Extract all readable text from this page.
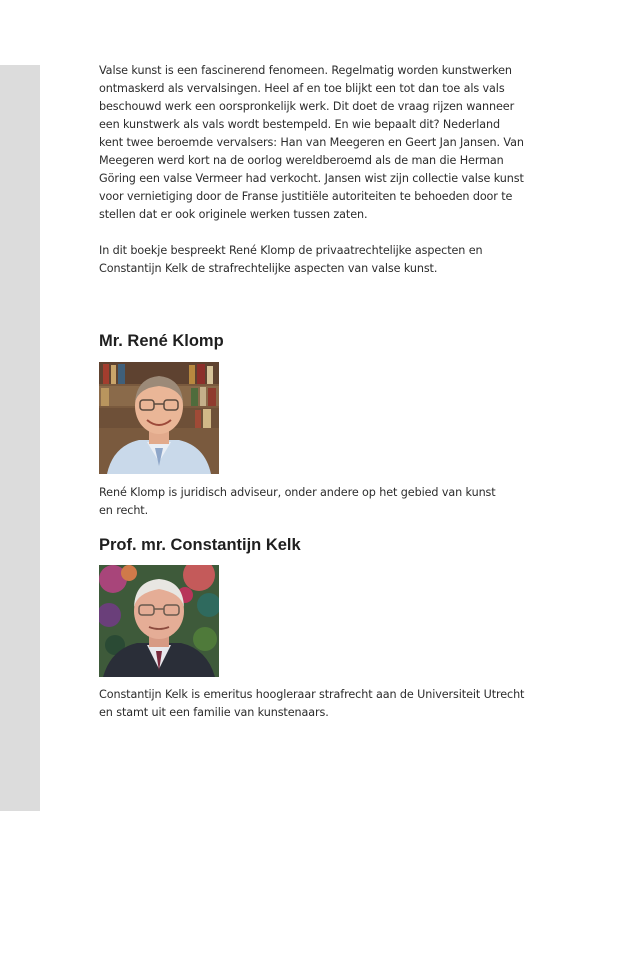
Valse kunst is een fascinerend fenomeen. Regelmatig worden kunstwerken
ontmaskerd als vervalsingen. Heel af en toe blijkt een tot dan toe als vals
beschouwd werk een oorspronkelijk werk. Dit doet de vraag rijzen wanneer
een kunstwerk als vals wordt bestempeld. En wie bepaalt dit? Nederland
kent twee beroemde vervalsers: Han van Meegeren en Geert Jan Jansen. Van
Meegeren werd kort na de oorlog wereldberoemd als de man die Herman
Göring een valse Vermeer had verkocht. Jansen wist zijn collectie valse kunst
voor vernietiging door de Franse justitiële autoriteiten te behoeden door te
stellen dat er ook originele werken tussen zaten.

In dit boekje bespreekt René Klomp de privaatrechtelijke aspecten en
Constantijn Kelk de strafrechtelijke aspecten van valse kunst.

Mr. René Klomp

René Klomp is juridisch adviseur, onder andere op het gebied van kunst
en recht.

Prof. mr. Constantijn Kelk

Constantijn Kelk is emeritus hoogleraar strafrecht aan de Universiteit Utrecht
en stamt uit een familie van kunstenaars.
